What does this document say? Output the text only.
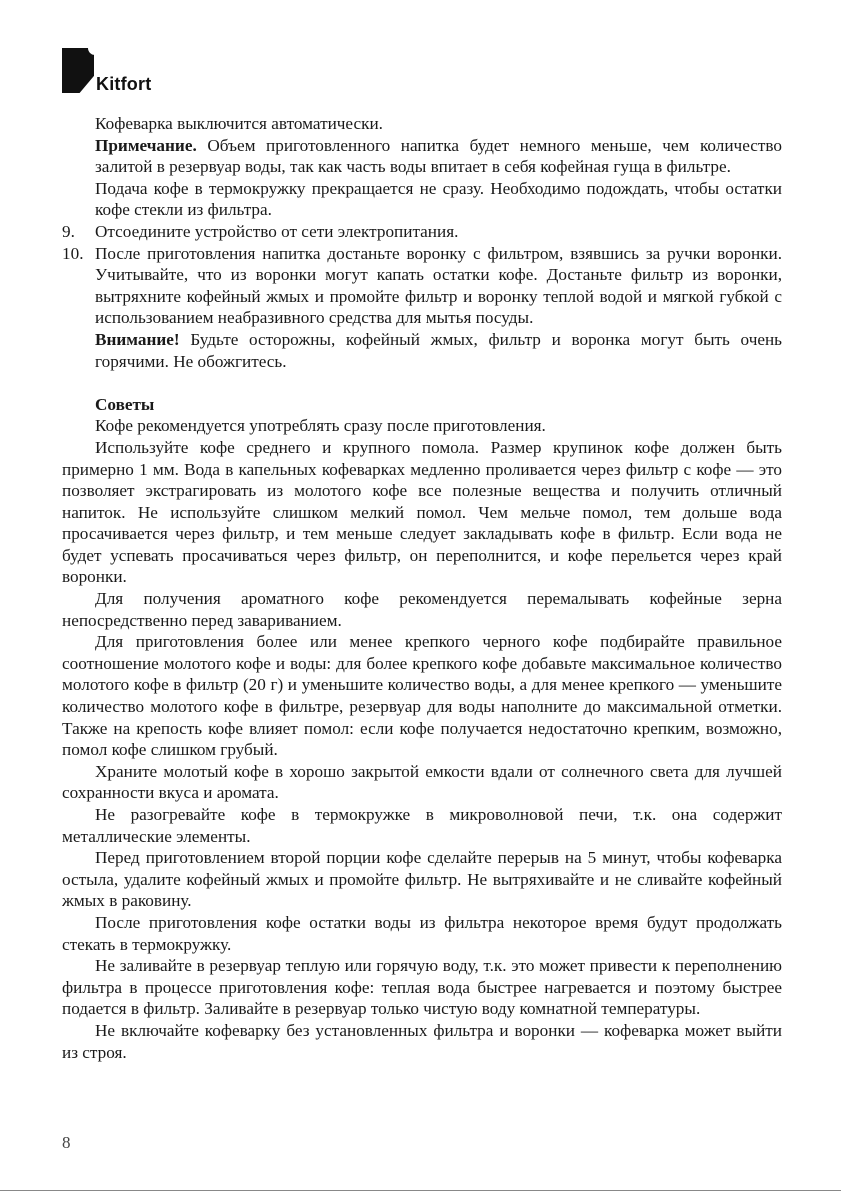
Kitfort

Кофеварка выключится автоматически.

Примечание. Объем приготовленного напитка будет немного меньше, чем количество залитой в резервуар воды, так как часть воды впитает в себя кофейная гуща в фильтре.

Подача кофе в термокружку прекращается не сразу. Необходимо подождать, чтобы остатки кофе стекли из фильтра.

9.	Отсоедините устройство от сети электропитания.

10. После приготовления напитка достаньте воронку с фильтром, взявшись за ручки воронки. Учитывайте, что из воронки могут капать остатки кофе. Достаньте фильтр из воронки, вытряхните кофейный жмых и промойте фильтр и воронку теплой водой и мягкой губкой с использованием неабразивного средства для мытья посуды.

Внимание! Будьте осторожны, кофейный жмых, фильтр и воронка могут быть очень горячими. Не обожгитесь.

Советы

Кофе рекомендуется употреблять сразу после приготовления.

Используйте кофе среднего и крупного помола. Размер крупинок кофе должен быть примерно 1 мм. Вода в капельных кофеварках медленно проливается через фильтр с кофе — это позволяет экстрагировать из молотого кофе все полезные вещества и получить отличный напиток. Не используйте слишком мелкий помол. Чем мельче помол, тем дольше вода просачивается через фильтр, и тем меньше следует закладывать кофе в фильтр. Если вода не будет успевать просачиваться через фильтр, он переполнится, и кофе перельется через край воронки.

Для получения ароматного кофе рекомендуется перемалывать кофейные зерна непосредственно перед завариванием.

Для приготовления более или менее крепкого черного кофе подбирайте правильное соотношение молотого кофе и воды: для более крепкого кофе добавьте максимальное количество молотого кофе в фильтр (20 г) и уменьшите количество воды, а для менее крепкого — уменьшите количество молотого кофе в фильтре, резервуар для воды наполните до максимальной отметки. Также на крепость кофе влияет помол: если кофе получается недостаточно крепким, возможно, помол кофе слишком грубый.

Храните молотый кофе в хорошо закрытой емкости вдали от солнечного света для лучшей сохранности вкуса и аромата.

Не разогревайте кофе в термокружке в микроволновой печи, т.к. она содержит металлические элементы.

Перед приготовлением второй порции кофе сделайте перерыв на 5 минут, чтобы кофеварка остыла, удалите кофейный жмых и промойте фильтр. Не вытряхивайте и не сливайте кофейный жмых в раковину.

После приготовления кофе остатки воды из фильтра некоторое время будут продолжать стекать в термокружку.

Не заливайте в резервуар теплую или горячую воду, т.к. это может привести к переполнению фильтра в процессе приготовления кофе: теплая вода быстрее нагревается и поэтому быстрее подается в фильтр. Заливайте в резервуар только чистую воду комнатной температуры.

Не включайте кофеварку без установленных фильтра и воронки — кофеварка может выйти из строя.

8
